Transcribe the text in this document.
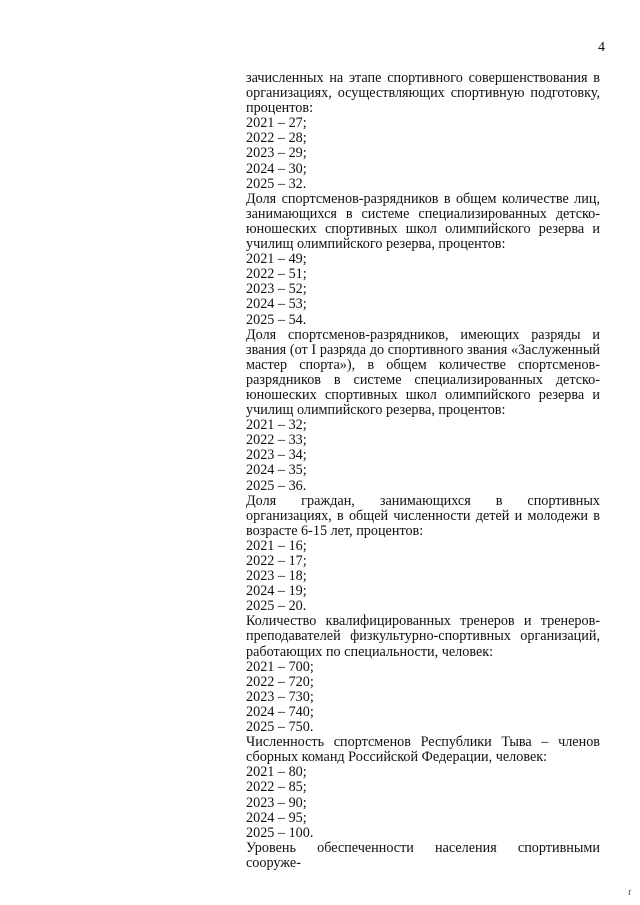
4

зачисленных на этапе спортивного совершенствования в организациях, осуществляющих спортивную подготовку, процентов:

2021 – 27;

2022 – 28;

2023 – 29;

2024 – 30;

2025 – 32.

Доля спортсменов-разрядников в общем количестве лиц, занимающихся в системе специализированных детско-юношеских спортивных школ олимпийского резерва и училищ олимпийского резерва, процентов:

2021 – 49;

2022 – 51;

2023 – 52;

2024 – 53;

2025 – 54.

Доля спортсменов-разрядников, имеющих разряды и звания (от I разряда до спортивного звания «Заслуженный мастер спорта»), в общем количестве спортсменов-разрядников в системе специализированных детско-юношеских спортивных школ олимпийского резерва и училищ олимпийского резерва, процентов:

2021 – 32;

2022 – 33;

2023 – 34;

2024 – 35;

2025 – 36.

Доля граждан, занимающихся в спортивных организациях, в общей численности детей и молодежи в возрасте 6-15 лет, процентов:

2021 – 16;

2022 – 17;

2023 – 18;

2024 – 19;

2025 – 20.

Количество квалифицированных тренеров и тренеров-преподавателей физкультурно-спортивных организаций, работающих по специальности, человек:

2021 – 700;

2022 – 720;

2023 – 730;

2024 – 740;

2025 – 750.

Численность спортсменов Республики Тыва – членов сборных команд Российской Федерации, человек:

2021 – 80;

2022 – 85;

2023 – 90;

2024 – 95;

2025 – 100.

Уровень обеспеченности населения спортивными сооруже-

ґ
